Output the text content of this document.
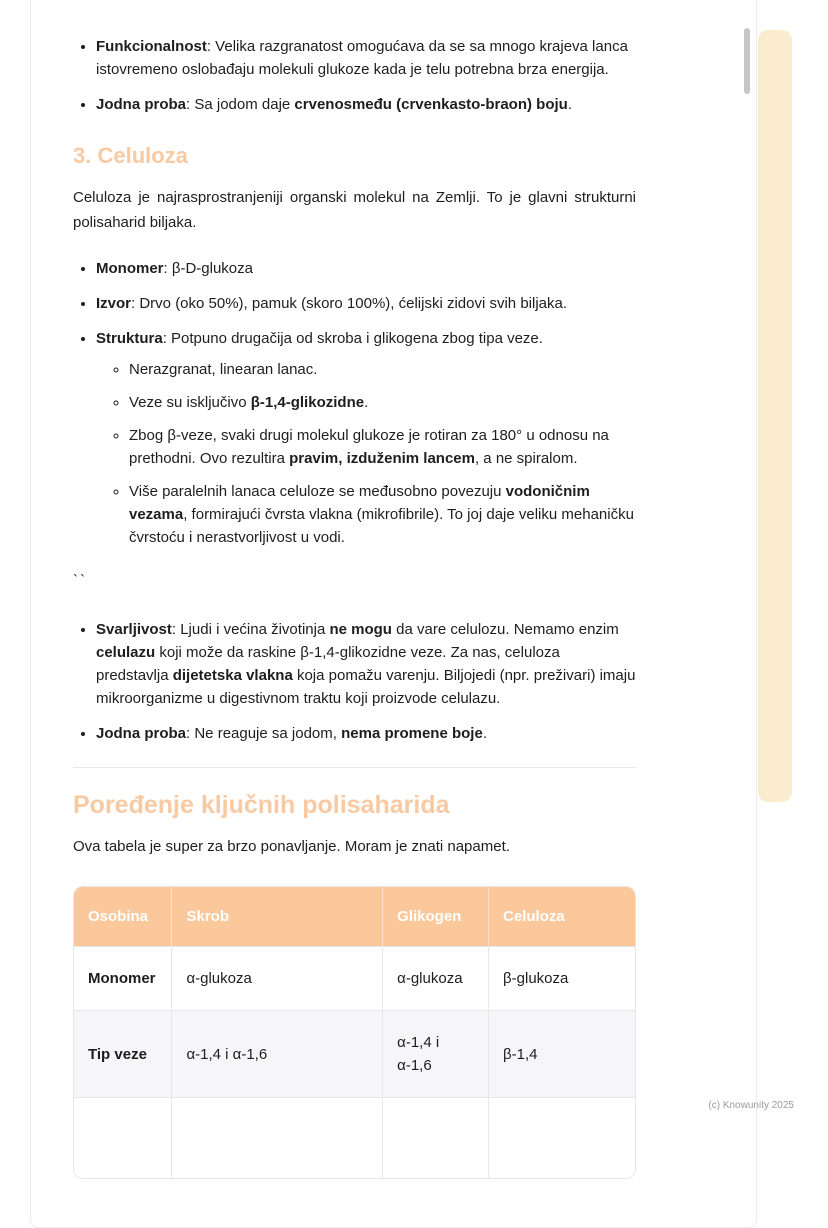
• Funkcionalnost: Velika razgranatost omogućava da se sa mnogo krajeva lanca istovremeno oslobađaju molekuli glukoze kada je telu potrebna brza energija.
• Jodna proba: Sa jodom daje crvenosmeđu (crvenkasto-braon) boju.
3. Celuloza

Celuloza je najrasprostranjeniji organski molekul na Zemlji. To je glavni strukturni polisaharid biljaka.

• Monomer: β-D-glukoza
• Izvor: Drvo (oko 50%), pamuk (skoro 100%), ćelijski zidovi svih biljaka.
• Struktura: Potpuno drugačija od skroba i glikogena zbog tipa veze.
◦ Nerazgranat, linearan lanac.
◦ Veze su isključivo β-1,4-glikozidne.
◦ Zbog β-veze, svaki drugi molekul glukoze je rotiran za 180° u odnosu na prethodni. Ovo rezultira pravim, izduženim lancem, a ne spiralom.
◦ Više paralelnih lanaca celuloze se međusobno povezuju vodoničnim vezama, formirajući čvrsta vlakna (mikrofibrile). To joj daje veliku mehaničku čvrstoću i nerastvorljivost u vodi.
``
• Svarljivost: Ljudi i većina životinja ne mogu da vare celulozu. Nemamo enzim celulazu koji može da raskine β-1,4-glikozidne veze. Za nas, celuloza predstavlja dijetetska vlakna koja pomažu varenju. Biljojedi (npr. preživari) imaju mikroorganizme u digestivnom traktu koji proizvode celulazu.
• Jodna proba: Ne reaguje sa jodom, nema promene boje.
Poređenje ključnih polisaharida

Ova tabela je super za brzo ponavljanje. Moram je znati napamet.

Osobina	Skrob	Glikogen	Celuloza
Monomer	α-glukoza	α-glukoza	β-glukoza
Tip veze	α-1,4 i α-1,6	α-1,4 i α-1,6	β-1,4

(c) Knowunity 2025
